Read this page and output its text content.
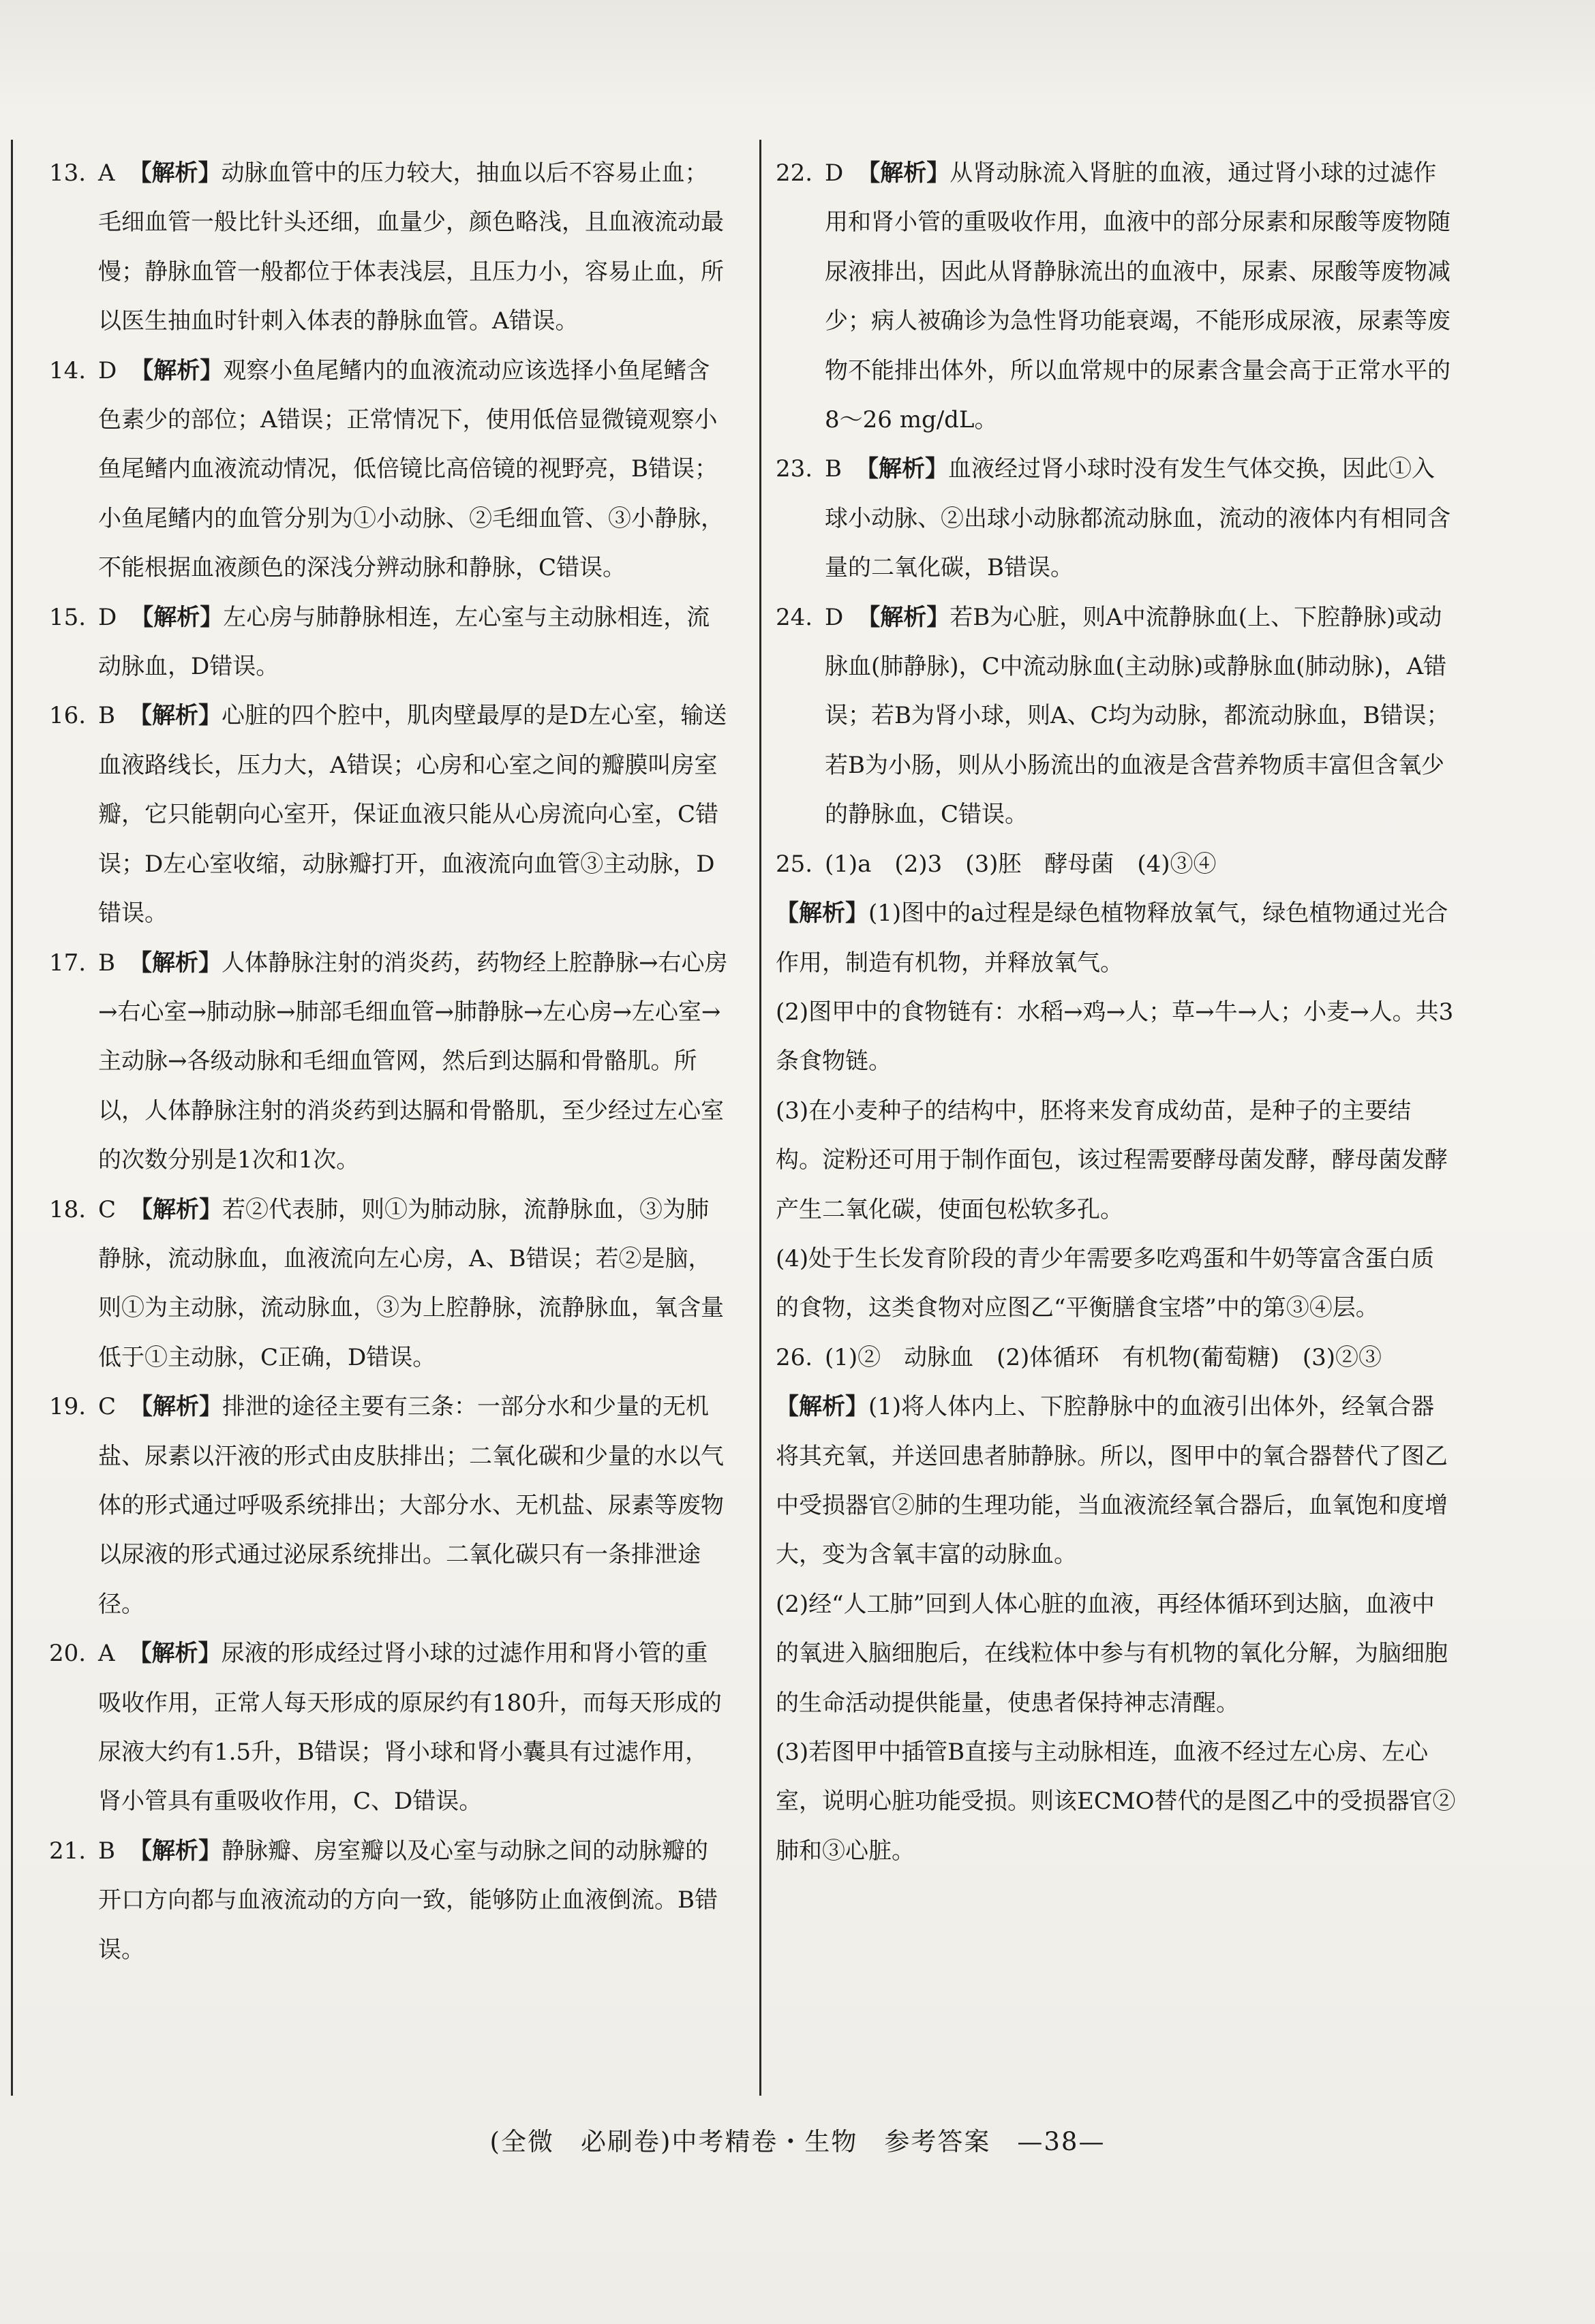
13. A 【解析】动脉血管中的压力较大，抽血以后不容易止血；毛细血管一般比针头还细，血量少，颜色略浅，且血液流动最慢；静脉血管一般都位于体表浅层，且压力小，容易止血，所以医生抽血时针刺入体表的静脉血管。A错误。
14. D 【解析】观察小鱼尾鳍内的血液流动应该选择小鱼尾鳍含色素少的部位；A错误；正常情况下，使用低倍显微镜观察小鱼尾鳍内血液流动情况，低倍镜比高倍镜的视野亮，B错误；小鱼尾鳍内的血管分别为①小动脉、②毛细血管、③小静脉，不能根据血液颜色的深浅分辨动脉和静脉，C错误。
15. D 【解析】左心房与肺静脉相连，左心室与主动脉相连，流动脉血，D错误。
16. B 【解析】心脏的四个腔中，肌肉壁最厚的是D左心室，输送血液路线长，压力大，A错误；心房和心室之间的瓣膜叫房室瓣，它只能朝向心室开，保证血液只能从心房流向心室，C错误；D左心室收缩，动脉瓣打开，血液流向血管③主动脉，D错误。
17. B 【解析】人体静脉注射的消炎药，药物经上腔静脉→右心房→右心室→肺动脉→肺部毛细血管→肺静脉→左心房→左心室→主动脉→各级动脉和毛细血管网，然后到达膈和骨骼肌。所以，人体静脉注射的消炎药到达膈和骨骼肌，至少经过左心室的次数分别是1次和1次。
18. C 【解析】若②代表肺，则①为肺动脉，流静脉血，③为肺静脉，流动脉血，血液流向左心房，A、B错误；若②是脑，则①为主动脉，流动脉血，③为上腔静脉，流静脉血，氧含量低于①主动脉，C正确，D错误。
19. C 【解析】排泄的途径主要有三条：一部分水和少量的无机盐、尿素以汗液的形式由皮肤排出；二氧化碳和少量的水以气体的形式通过呼吸系统排出；大部分水、无机盐、尿素等废物以尿液的形式通过泌尿系统排出。二氧化碳只有一条排泄途径。
20. A 【解析】尿液的形成经过肾小球的过滤作用和肾小管的重吸收作用，正常人每天形成的原尿约有180升，而每天形成的尿液大约有1.5升，B错误；肾小球和肾小囊具有过滤作用，肾小管具有重吸收作用，C、D错误。
21. B 【解析】静脉瓣、房室瓣以及心室与动脉之间的动脉瓣的开口方向都与血液流动的方向一致，能够防止血液倒流。B错误。
22. D 【解析】从肾动脉流入肾脏的血液，通过肾小球的过滤作用和肾小管的重吸收作用，血液中的部分尿素和尿酸等废物随尿液排出，因此从肾静脉流出的血液中，尿素、尿酸等废物减少；病人被确诊为急性肾功能衰竭，不能形成尿液，尿素等废物不能排出体外，所以血常规中的尿素含量会高于正常水平的8～26 mg/dL。
23. B 【解析】血液经过肾小球时没有发生气体交换，因此①入球小动脉、②出球小动脉都流动脉血，流动的液体内有相同含量的二氧化碳，B错误。
24. D 【解析】若B为心脏，则A中流静脉血(上、下腔静脉)或动脉血(肺静脉)，C中流动脉血(主动脉)或静脉血(肺动脉)，A错误；若B为肾小球，则A、C均为动脉，都流动脉血，B错误；若B为小肠，则从小肠流出的血液是含营养物质丰富但含氧少的静脉血，C错误。
25. (1)a　(2)3　(3)胚　酵母菌　(4)③④
【解析】(1)图中的a过程是绿色植物释放氧气，绿色植物通过光合作用，制造有机物，并释放氧气。
(2)图甲中的食物链有：水稻→鸡→人；草→牛→人；小麦→人。共3条食物链。
(3)在小麦种子的结构中，胚将来发育成幼苗，是种子的主要结构。淀粉还可用于制作面包，该过程需要酵母菌发酵，酵母菌发酵产生二氧化碳，使面包松软多孔。
(4)处于生长发育阶段的青少年需要多吃鸡蛋和牛奶等富含蛋白质的食物，这类食物对应图乙“平衡膳食宝塔”中的第③④层。
26. (1)②　动脉血　(2)体循环　有机物(葡萄糖)　(3)②③
【解析】(1)将人体内上、下腔静脉中的血液引出体外，经氧合器将其充氧，并送回患者肺静脉。所以，图甲中的氧合器替代了图乙中受损器官②肺的生理功能，当血液流经氧合器后，血氧饱和度增大，变为含氧丰富的动脉血。
(2)经“人工肺”回到人体心脏的血液，再经体循环到达脑，血液中的氧进入脑细胞后，在线粒体中参与有机物的氧化分解，为脑细胞的生命活动提供能量，使患者保持神志清醒。
(3)若图甲中插管B直接与主动脉相连，血液不经过左心房、左心室，说明心脏功能受损。则该ECMO替代的是图乙中的受损器官②肺和③心脏。
(全微　必刷卷)中考精卷・生物　参考答案　—38—
